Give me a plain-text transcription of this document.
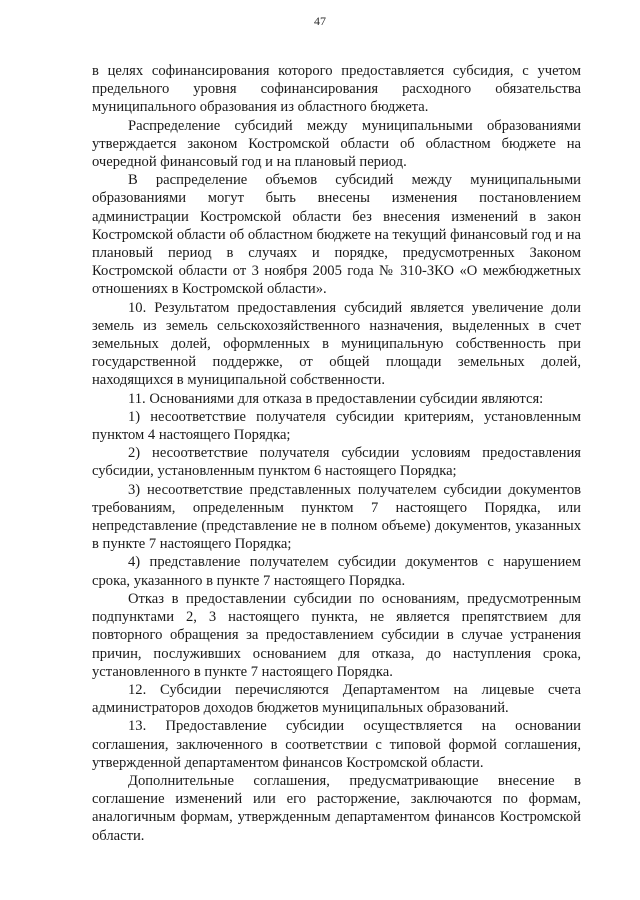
47

в целях софинансирования которого предоставляется субсидия, с учетом предельного уровня софинансирования расходного обязательства муниципального образования из областного бюджета.

Распределение субсидий между муниципальными образованиями утверждается законом Костромской области об областном бюджете на очередной финансовый год и на плановый период.

В распределение объемов субсидий между муниципальными образованиями могут быть внесены изменения постановлением администрации Костромской области без внесения изменений в закон Костромской области об областном бюджете на текущий финансовый год и на плановый период в случаях и порядке, предусмотренных Законом Костромской области от 3 ноября 2005 года № 310-ЗКО «О межбюджетных отношениях в Костромской области».

10. Результатом предоставления субсидий является увеличение доли земель из земель сельскохозяйственного назначения, выделенных в счет земельных долей, оформленных в муниципальную собственность при государственной поддержке, от общей площади земельных долей, находящихся в муниципальной собственности.

11. Основаниями для отказа в предоставлении субсидии являются:

1) несоответствие получателя субсидии критериям, установленным пунктом 4 настоящего Порядка;

2) несоответствие получателя субсидии условиям предоставления субсидии, установленным пунктом 6 настоящего Порядка;

3) несоответствие представленных получателем субсидии документов требованиям, определенным пунктом 7 настоящего Порядка, или непредставление (представление не в полном объеме) документов, указанных в пункте 7 настоящего Порядка;

4) представление получателем субсидии документов с нарушением срока, указанного в пункте 7 настоящего Порядка.

Отказ в предоставлении субсидии по основаниям, предусмотренным подпунктами 2, 3 настоящего пункта, не является препятствием для повторного обращения за предоставлением субсидии в случае устранения причин, послуживших основанием для отказа, до наступления срока, установленного в пункте 7 настоящего Порядка.

12. Субсидии перечисляются Департаментом на лицевые счета администраторов доходов бюджетов муниципальных образований.

13. Предоставление субсидии осуществляется на основании соглашения, заключенного в соответствии с типовой формой соглашения, утвержденной департаментом финансов Костромской области.

Дополнительные соглашения, предусматривающие внесение в соглашение изменений или его расторжение, заключаются по формам, аналогичным формам, утвержденным департаментом финансов Костромской области.
